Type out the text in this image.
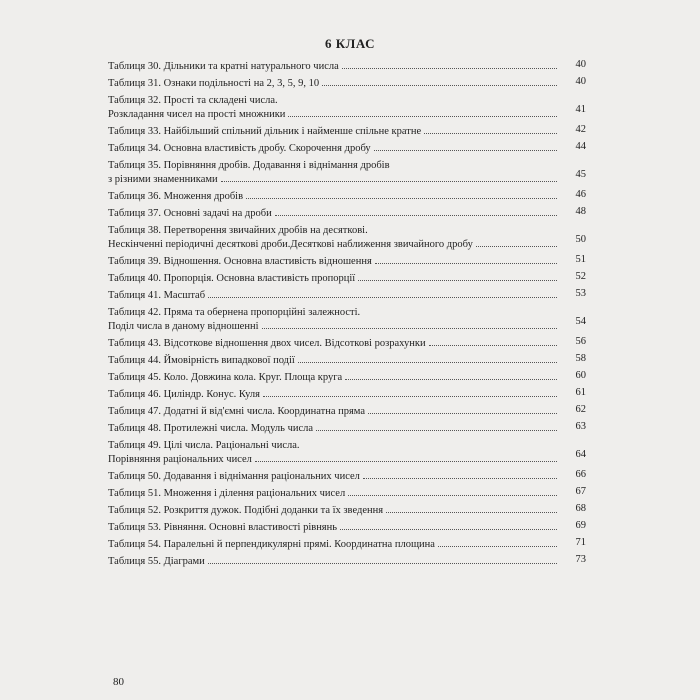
6 КЛАС
Таблиця 30.
Дільники та кратні натурального числа	40
Таблиця 31.
Ознаки подільності на 2, 3, 5, 9, 10	40
Таблиця 32.
Прості та складені числа.
Розкладання чисел на прості множники	41
Таблиця 33.
Найбільший спільний дільник і найменше спільне кратне	42
Таблиця 34.
Основна властивість дробу. Скорочення дробу	44
Таблиця 35.
Порівняння дробів. Додавання і віднімання дробів
з різними знаменниками	45
Таблиця 36.
Множення дробів	46
Таблиця 37.
Основні задачі на дроби	48
Таблиця 38.
Перетворення звичайних дробів на десяткові.
Нескінченні періодичні десяткові дроби.Десяткові наближення звичайного дробу	50
Таблиця 39.
Відношення. Основна властивість відношення	51
Таблиця 40.
Пропорція. Основна властивість пропорції	52
Таблиця 41.
Масштаб	53
Таблиця 42.
Пряма та обернена пропорційні залежності.
Поділ числа в даному відношенні	54
Таблиця 43.
Відсоткове відношення двох чисел. Відсоткові розрахунки	56
Таблиця 44.
Ймовірність випадкової події	58
Таблиця 45.
Коло. Довжина кола. Круг. Площа круга	60
Таблиця 46.
Циліндр. Конус. Куля	61
Таблиця 47.
Додатні й від'ємні числа. Координатна пряма	62
Таблиця 48.
Протилежні числа. Модуль числа	63
Таблиця 49.
Цілі числа. Раціональні числа.
Порівняння раціональних чисел	64
Таблиця 50.
Додавання і віднімання раціональних чисел	66
Таблиця 51.
Множення і ділення раціональних чисел	67
Таблиця 52.
Розкриття дужок. Подібні доданки та їх зведення	68
Таблиця 53.
Рівняння. Основні властивості рівнянь	69
Таблиця 54.
Паралельні й перпендикулярні прямі. Координатна площина	71
Таблиця 55.
Діаграми	73
80
